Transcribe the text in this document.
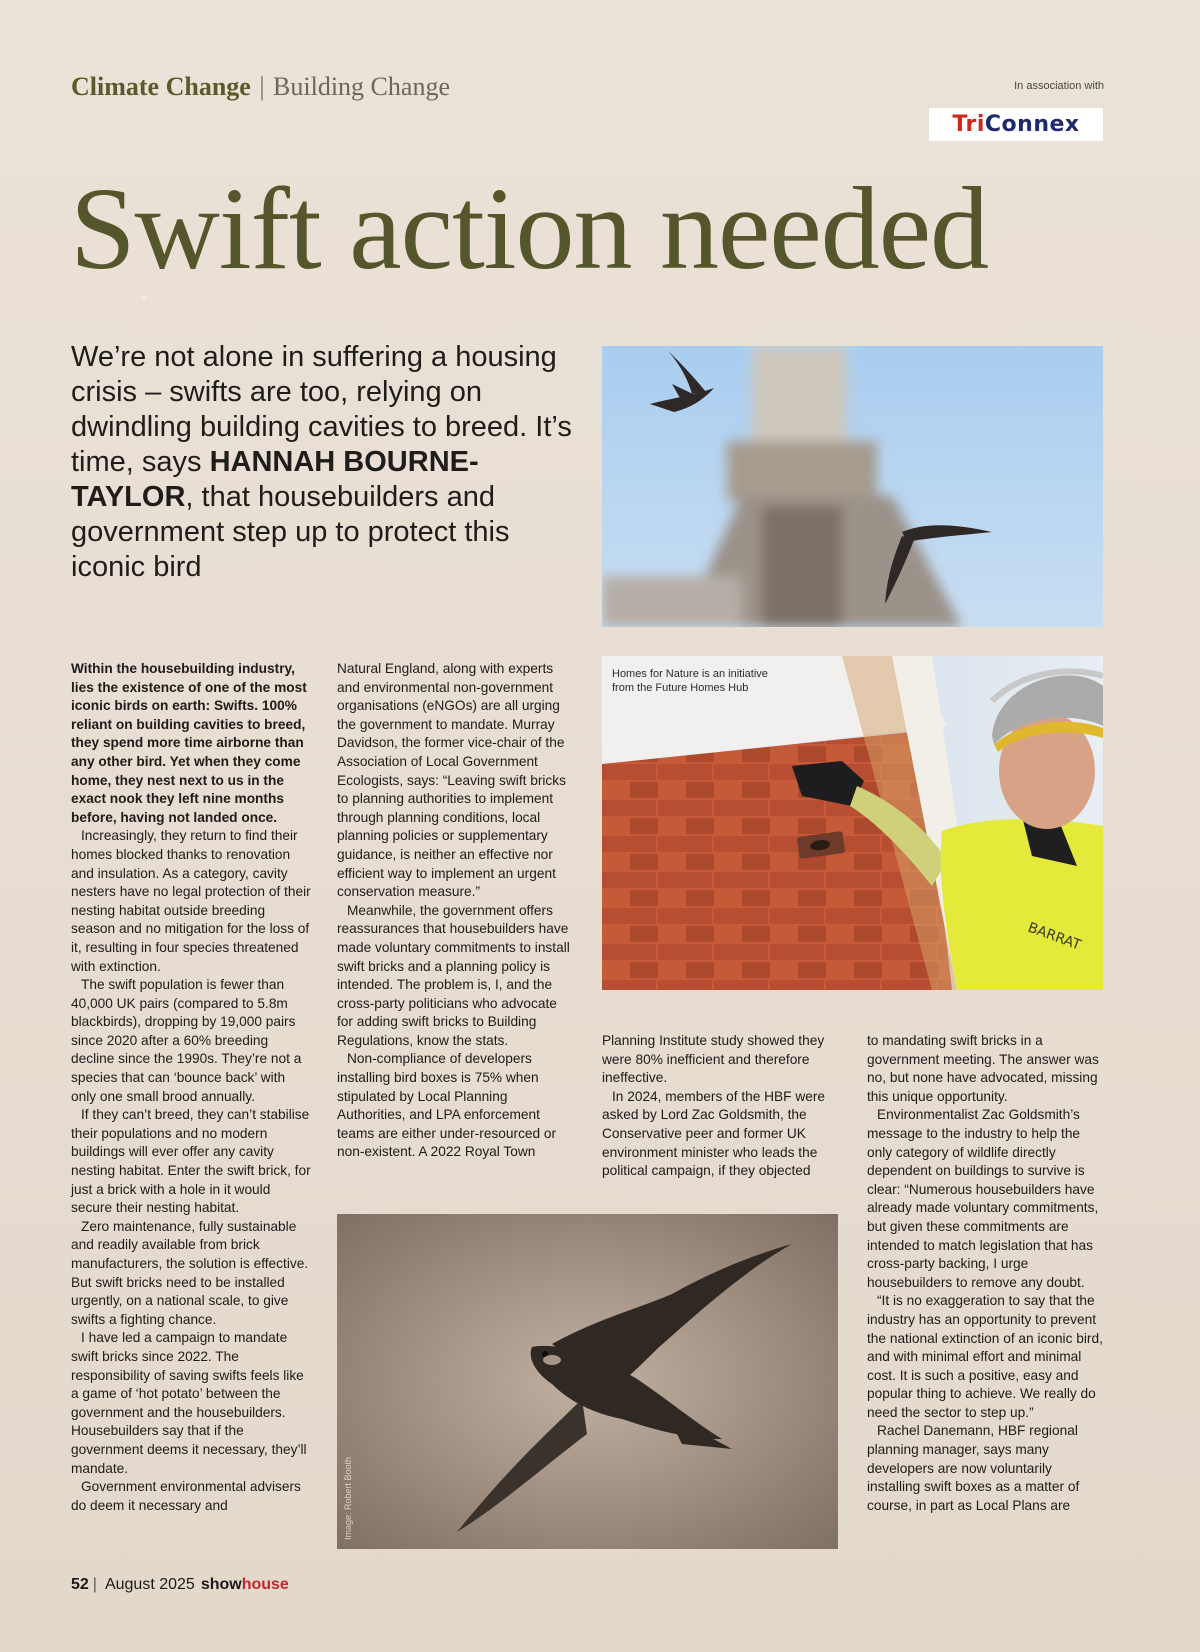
Climate Change | Building Change	In association with
TriConnex
Swift action needed
We’re not alone in suffering a housing crisis – swifts are too, relying on dwindling building cavities to breed. It’s time, says HANNAH BOURNE-TAYLOR, that housebuilders and government step up to protect this iconic bird
BARRAT
Homes for Nature is an initiative from the Future Homes Hub
Image: Robert Booth

Within the housebuilding industry, lies the existence of one of the most iconic birds on earth: Swifts. 100% reliant on building cavities to breed, they spend more time airborne than any other bird. Yet when they come home, they nest next to us in the exact nook they left nine months before, having not landed once.

Increasingly, they return to find their homes blocked thanks to renovation and insulation. As a category, cavity nesters have no legal protection of their nesting habitat outside breeding season and no mitigation for the loss of it, resulting in four species threatened with extinction.

The swift population is fewer than 40,000 UK pairs (compared to 5.8m blackbirds), dropping by 19,000 pairs since 2020 after a 60% breeding decline since the 1990s. They’re not a species that can ‘bounce back’ with only one small brood annually.

If they can’t breed, they can’t stabilise their populations and no modern buildings will ever offer any cavity nesting habitat. Enter the swift brick, for just a brick with a hole in it would secure their nesting habitat.

Zero maintenance, fully sustainable and readily available from brick manufacturers, the solution is effective. But swift bricks need to be installed urgently, on a national scale, to give swifts a fighting chance.

I have led a campaign to mandate swift bricks since 2022. The responsibility of saving swifts feels like a game of ‘hot potato’ between the government and the housebuilders. Housebuilders say that if the government deems it necessary, they’ll mandate.

Government environmental advisers do deem it necessary and

Natural England, along with experts and environmental non-government organisations (eNGOs) are all urging the government to mandate. Murray Davidson, the former vice-chair of the Association of Local Government Ecologists, says: “Leaving swift bricks to planning authorities to implement through planning conditions, local planning policies or supplementary guidance, is neither an effective nor efficient way to implement an urgent conservation measure.”

Meanwhile, the government offers reassurances that housebuilders have made voluntary commitments to install swift bricks and a planning policy is intended. The problem is, I, and the cross-party politicians who advocate for adding swift bricks to Building Regulations, know the stats.

Non-compliance of developers installing bird boxes is 75% when stipulated by Local Planning Authorities, and LPA enforcement teams are either under-resourced or non-existent. A 2022 Royal Town

Planning Institute study showed they were 80% inefficient and therefore ineffective.

In 2024, members of the HBF were asked by Lord Zac Goldsmith, the Conservative peer and former UK environment minister who leads the political campaign, if they objected

to mandating swift bricks in a government meeting. The answer was no, but none have advocated, missing this unique opportunity.

Environmentalist Zac Goldsmith’s message to the industry to help the only category of wildlife directly dependent on buildings to survive is clear: “Numerous housebuilders have already made voluntary commitments, but given these commitments are intended to match legislation that has cross-party backing, I urge housebuilders to remove any doubt.

“It is no exaggeration to say that the industry has an opportunity to prevent the national extinction of an iconic bird, and with minimal effort and minimal cost. It is such a positive, easy and popular thing to achieve. We really do need the sector to step up.”

Rachel Danemann, HBF regional planning manager, says many developers are now voluntarily installing swift boxes as a matter of course, in part as Local Plans are

52 | August 2025 showhouse
